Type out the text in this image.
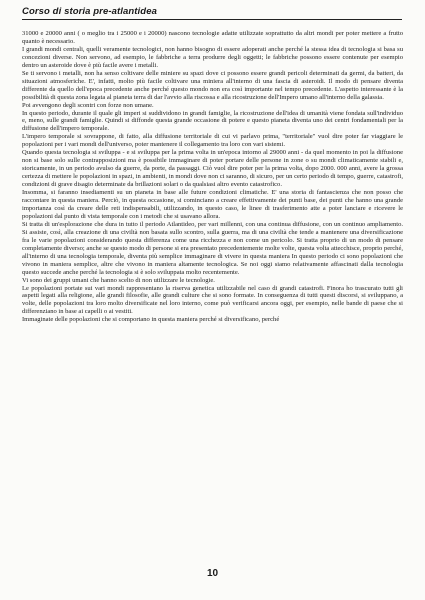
Corso di storia pre-atlantidea

31000 e 20000 anni ( o meglio tra i 25000 e i 20000) nascono tecnologie adatte utilizzate soprattutto da altri mondi per poter mettere a frutto quanto è necessario.

I grandi mondi centrali, quelli veramente tecnologici, non hanno bisogno di essere adoperati anche perché la stessa idea di tecnologia si basa su concezioni diverse. Non servono, ad esempio, le fabbriche a terra produrre degli oggetti; le fabbriche possono essere contenute per esempio dentro un asteroide dove è più facile avere i metalli.

Se ti servono i metalli, non ha senso coltivare delle miniere su spazi dove ci possono essere grandi pericoli determinati da germi, da batteri, da situazioni atmosferiche. E', infatti, molto più facile coltivare una miniera all'interno di una fascia di asteroidi. Il modo di pensare diventa differente da quello dell'epoca precedente anche perché questo mondo non era così importante nel tempo precedente. L'aspetto interessante è la possibilità di questa zona legata al pianeta terra di dar l'avvio alla riscossa e alla ricostruzione dell'Impero umano all'interno della galassia.

Poi avvengono degli scontri con forze non umane.

In questo periodo, durante il quale gli imperi si suddividono in grandi famiglie, la ricostruzione dell'idea di umanità viene fondata sull'individuo e, meno, sulle grandi famiglie. Quindi si diffonde questa grande occasione di potere e questo pianeta diventa uno dei centri fondamentali per la diffusione dell'impero temporale.

L'impero temporale si sovrappone, di fatto, alla diffusione territoriale di cui vi parlavo prima, "territoriale" vuol dire poter far viaggiare le popolazioni per i vari mondi dell'universo, poter mantenere il collegamento tra loro con vari sistemi.

Quando questa tecnologia si sviluppa - e si sviluppa per la prima volta in un'epoca intorno al 29000 anni - da quel momento in poi la diffusione non si base solo sulle contrapposizioni ma è possibile immaginare di poter portare delle persone in zone o su mondi climaticamente stabili e, storicamente, in un periodo avulso da guerre, da porte, da passaggi. Ciò vuol dire poter per la prima volta, dopo 2000. 000 anni, avere la grossa certezza di mettere le popolazioni in spazi, in ambienti, in mondi dove non ci saranno, di sicuro, per un certo periodo di tempo, guerre, catastrofi, condizioni di grave disagio determinate da brillazioni solari o da qualsiasi altro evento catastrofico.

Insomma, si faranno insediamenti su un pianeta in base alle future condizioni climatiche. E' una storia di fantascienza che non posso che raccontare in questa maniera. Perciò, in questa occasione, si cominciano a creare effettivamente dei punti base, dei punti che hanno una grande importanza così da creare delle reti indispensabili, utilizzando, in questo caso, le linee di trasferimento atte a poter lanciare e ricevere le popolazioni dal punto di vista temporale con i metodi che si usavano allora.

Si tratta di un'esplorazione che dura in tutto il periodo Atlantideo, per vari millenni, con una continua diffusione, con un continuo ampliamento. Si assiste, così, alla creazione di una civiltà non basata sullo scontro, sulla guerra, ma di una civiltà che tende a mantenere una diversificazione fra le varie popolazioni considerando questa differenza come una ricchezza e non come un pericolo. Si tratta proprio di un modo di pensare completamente diverso; anche se questo modo di persone si era presentato precedentemente molte volte, questa volta attecchisce, proprio perché, all'interno di una tecnologia temporale, diventa più semplice immaginare di vivere in questa maniera In questo periodo ci sono popolazioni che vivono in maniera semplice, altre che vivono in maniera altamente tecnologica. Se noi oggi siamo relativamente affascinati dalla tecnologia questo succede anche perché la tecnologia si è solo sviluppata molto recentemente.

Vi sono dei gruppi umani che hanno scelto di non utilizzare le tecnologie.

Le popolazioni portate sui vari mondi rappresentano la riserva genetica utilizzabile nel caso di grandi catastrofi. Finora ho trascurato tutti gli aspetti legati alla religione, alle grandi filosofie, alle grandi culture che si sono formate. In conseguenza di tutti questi discorsi, si sviluppano, a volte, delle popolazioni tra loro molto diversificate nel loro interno, come può verificarsi ancora oggi, per esempio, nelle bande di paese che si differenziano in base ai capelli o ai vestiti.

Immaginate delle popolazioni che si comportano in questa maniera perché si diversificano, perché

10
